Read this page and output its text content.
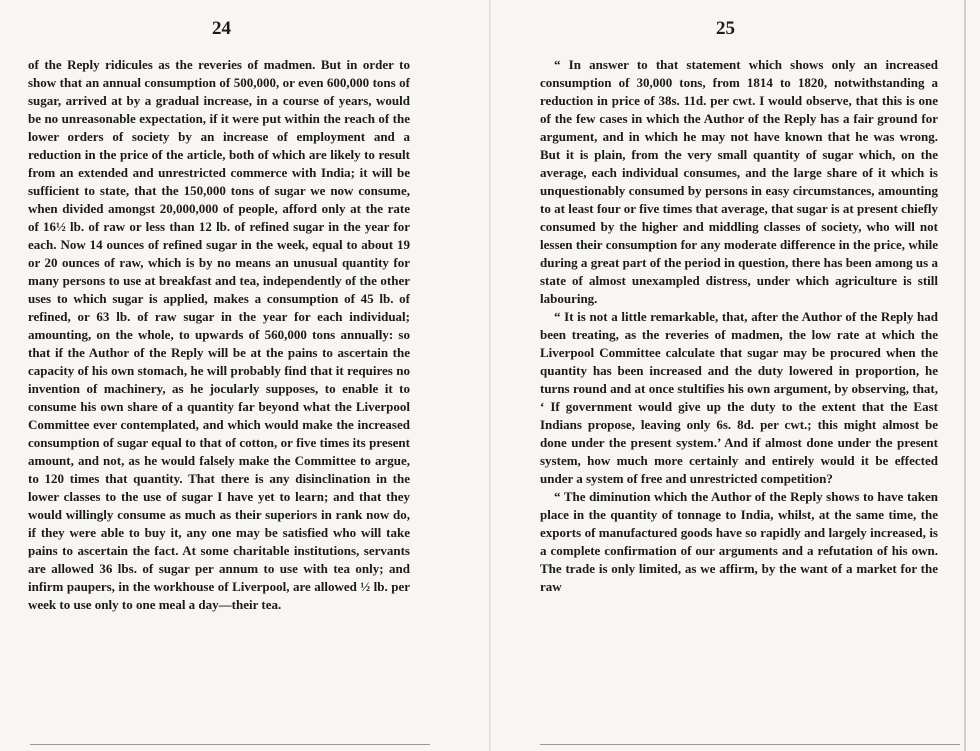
24

of the Reply ridicules as the reveries of madmen. But in order to show that an annual consumption of 500,000, or even 600,000 tons of sugar, arrived at by a gradual increase, in a course of years, would be no unreasonable expectation, if it were put within the reach of the lower orders of society by an increase of employment and a reduction in the price of the article, both of which are likely to result from an extended and unrestricted commerce with India; it will be sufficient to state, that the 150,000 tons of sugar we now consume, when divided amongst 20,000,000 of people, afford only at the rate of 16½ lb. of raw or less than 12 lb. of refined sugar in the year for each. Now 14 ounces of refined sugar in the week, equal to about 19 or 20 ounces of raw, which is by no means an unusual quantity for many persons to use at breakfast and tea, independently of the other uses to which sugar is applied, makes a consumption of 45 lb. of refined, or 63 lb. of raw sugar in the year for each individual; amounting, on the whole, to upwards of 560,000 tons annually: so that if the Author of the Reply will be at the pains to ascertain the capacity of his own stomach, he will probably find that it requires no invention of machinery, as he jocularly supposes, to enable it to consume his own share of a quantity far beyond what the Liverpool Committee ever contemplated, and which would make the increased consumption of sugar equal to that of cotton, or five times its present amount, and not, as he would falsely make the Committee to argue, to 120 times that quantity. That there is any disinclination in the lower classes to the use of sugar I have yet to learn; and that they would willingly consume as much as their superiors in rank now do, if they were able to buy it, any one may be satisfied who will take pains to ascertain the fact. At some charitable institutions, servants are allowed 36 lbs. of sugar per annum to use with tea only; and infirm paupers, in the workhouse of Liverpool, are allowed ½ lb. per week to use only to one meal a day—their tea.

25

“ In answer to that statement which shows only an increased consumption of 30,000 tons, from 1814 to 1820, notwithstanding a reduction in price of 38s. 11d. per cwt. I would observe, that this is one of the few cases in which the Author of the Reply has a fair ground for argument, and in which he may not have known that he was wrong. But it is plain, from the very small quantity of sugar which, on the average, each individual consumes, and the large share of it which is unquestionably consumed by persons in easy circumstances, amounting to at least four or five times that average, that sugar is at present chiefly consumed by the higher and middling classes of society, who will not lessen their consumption for any moderate difference in the price, while during a great part of the period in question, there has been among us a state of almost unexampled distress, under which agriculture is still labouring.

“ It is not a little remarkable, that, after the Author of the Reply had been treating, as the reveries of madmen, the low rate at which the Liverpool Committee calculate that sugar may be procured when the quantity has been increased and the duty lowered in proportion, he turns round and at once stultifies his own argument, by observing, that, ‘ If government would give up the duty to the extent that the East Indians propose, leaving only 6s. 8d. per cwt.; this might almost be done under the present system.’ And if almost done under the present system, how much more certainly and entirely would it be effected under a system of free and unrestricted competition?

“ The diminution which the Author of the Reply shows to have taken place in the quantity of tonnage to India, whilst, at the same time, the exports of manufactured goods have so rapidly and largely increased, is a complete confirmation of our arguments and a refutation of his own. The trade is only limited, as we affirm, by the want of a market for the raw
